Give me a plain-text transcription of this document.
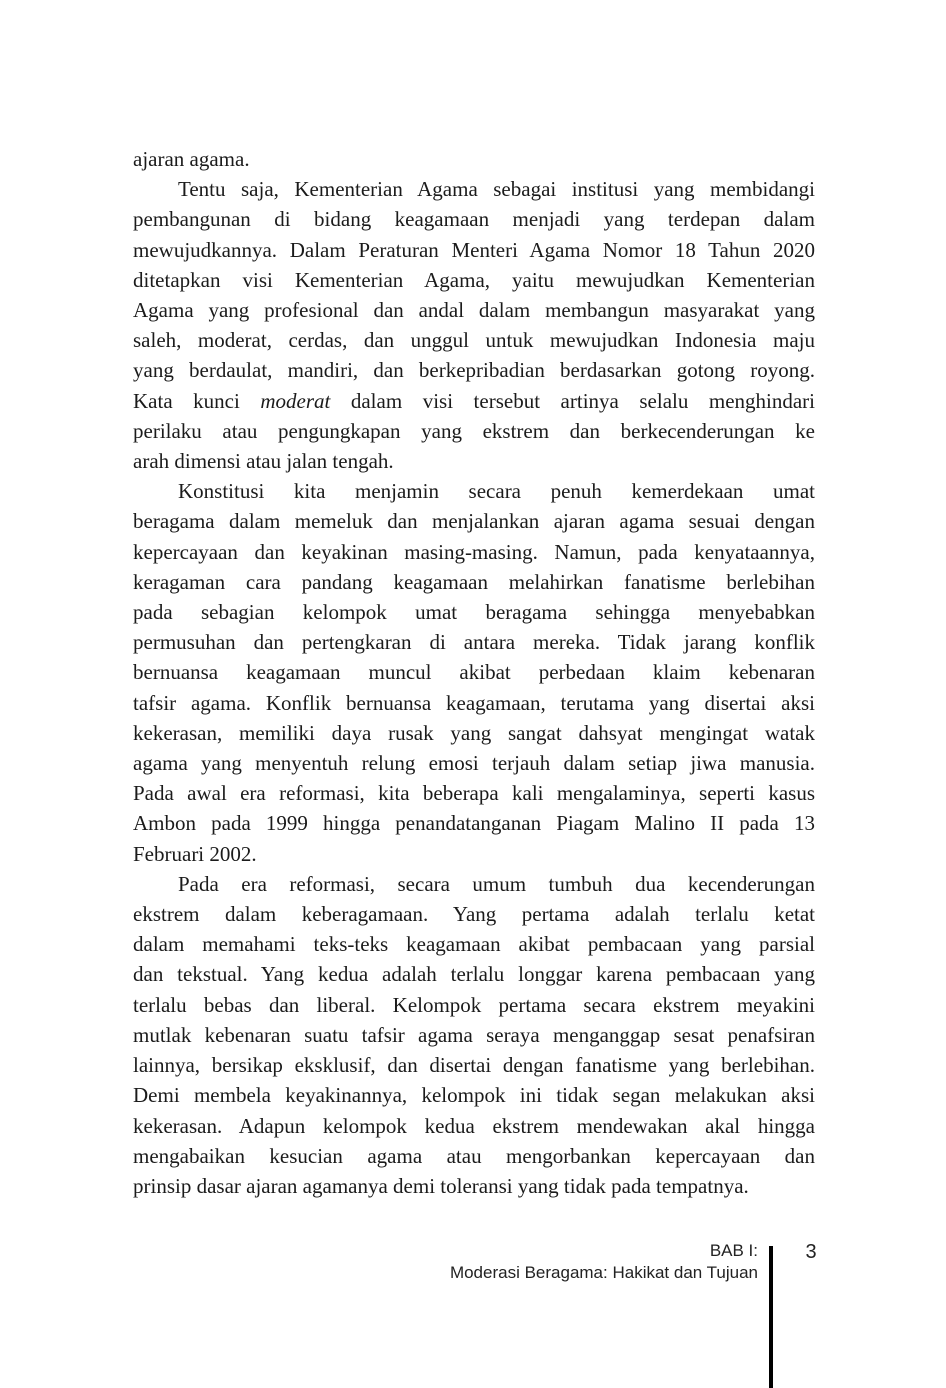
ajaran agama.
Tentu saja, Kementerian Agama sebagai institusi yang membidangi
pembangunan di bidang keagamaan menjadi yang terdepan dalam
mewujudkannya. Dalam Peraturan Menteri Agama Nomor 18 Tahun 2020
ditetapkan visi Kementerian Agama, yaitu mewujudkan Kementerian
Agama yang profesional dan andal dalam membangun masyarakat yang
saleh, moderat, cerdas, dan unggul untuk mewujudkan Indonesia maju
yang berdaulat, mandiri, dan berkepribadian berdasarkan gotong royong.
Kata kunci moderat dalam visi tersebut artinya selalu menghindari
perilaku atau pengungkapan yang ekstrem dan berkecenderungan ke
arah dimensi atau jalan tengah.
Konstitusi kita menjamin secara penuh kemerdekaan umat
beragama dalam memeluk dan menjalankan ajaran agama sesuai dengan
kepercayaan dan keyakinan masing-masing. Namun, pada kenyataannya,
keragaman cara pandang keagamaan melahirkan fanatisme berlebihan
pada sebagian kelompok umat beragama sehingga menyebabkan
permusuhan dan pertengkaran di antara mereka. Tidak jarang konflik
bernuansa keagamaan muncul akibat perbedaan klaim kebenaran
tafsir agama. Konflik bernuansa keagamaan, terutama yang disertai aksi
kekerasan, memiliki daya rusak yang sangat dahsyat mengingat watak
agama yang menyentuh relung emosi terjauh dalam setiap jiwa manusia.
Pada awal era reformasi, kita beberapa kali mengalaminya, seperti kasus
Ambon pada 1999 hingga penandatanganan Piagam Malino II pada 13
Februari 2002.
Pada era reformasi, secara umum tumbuh dua kecenderungan
ekstrem dalam keberagamaan. Yang pertama adalah terlalu ketat
dalam memahami teks-teks keagamaan akibat pembacaan yang parsial
dan tekstual. Yang kedua adalah terlalu longgar karena pembacaan yang
terlalu bebas dan liberal. Kelompok pertama secara ekstrem meyakini
mutlak kebenaran suatu tafsir agama seraya menganggap sesat penafsiran
lainnya, bersikap eksklusif, dan disertai dengan fanatisme yang berlebihan.
Demi membela keyakinannya, kelompok ini tidak segan melakukan aksi
kekerasan. Adapun kelompok kedua ekstrem mendewakan akal hingga
mengabaikan kesucian agama atau mengorbankan kepercayaan dan
prinsip dasar ajaran agamanya demi toleransi yang tidak pada tempatnya.
BAB I:
Moderasi Beragama: Hakikat dan Tujuan
3
